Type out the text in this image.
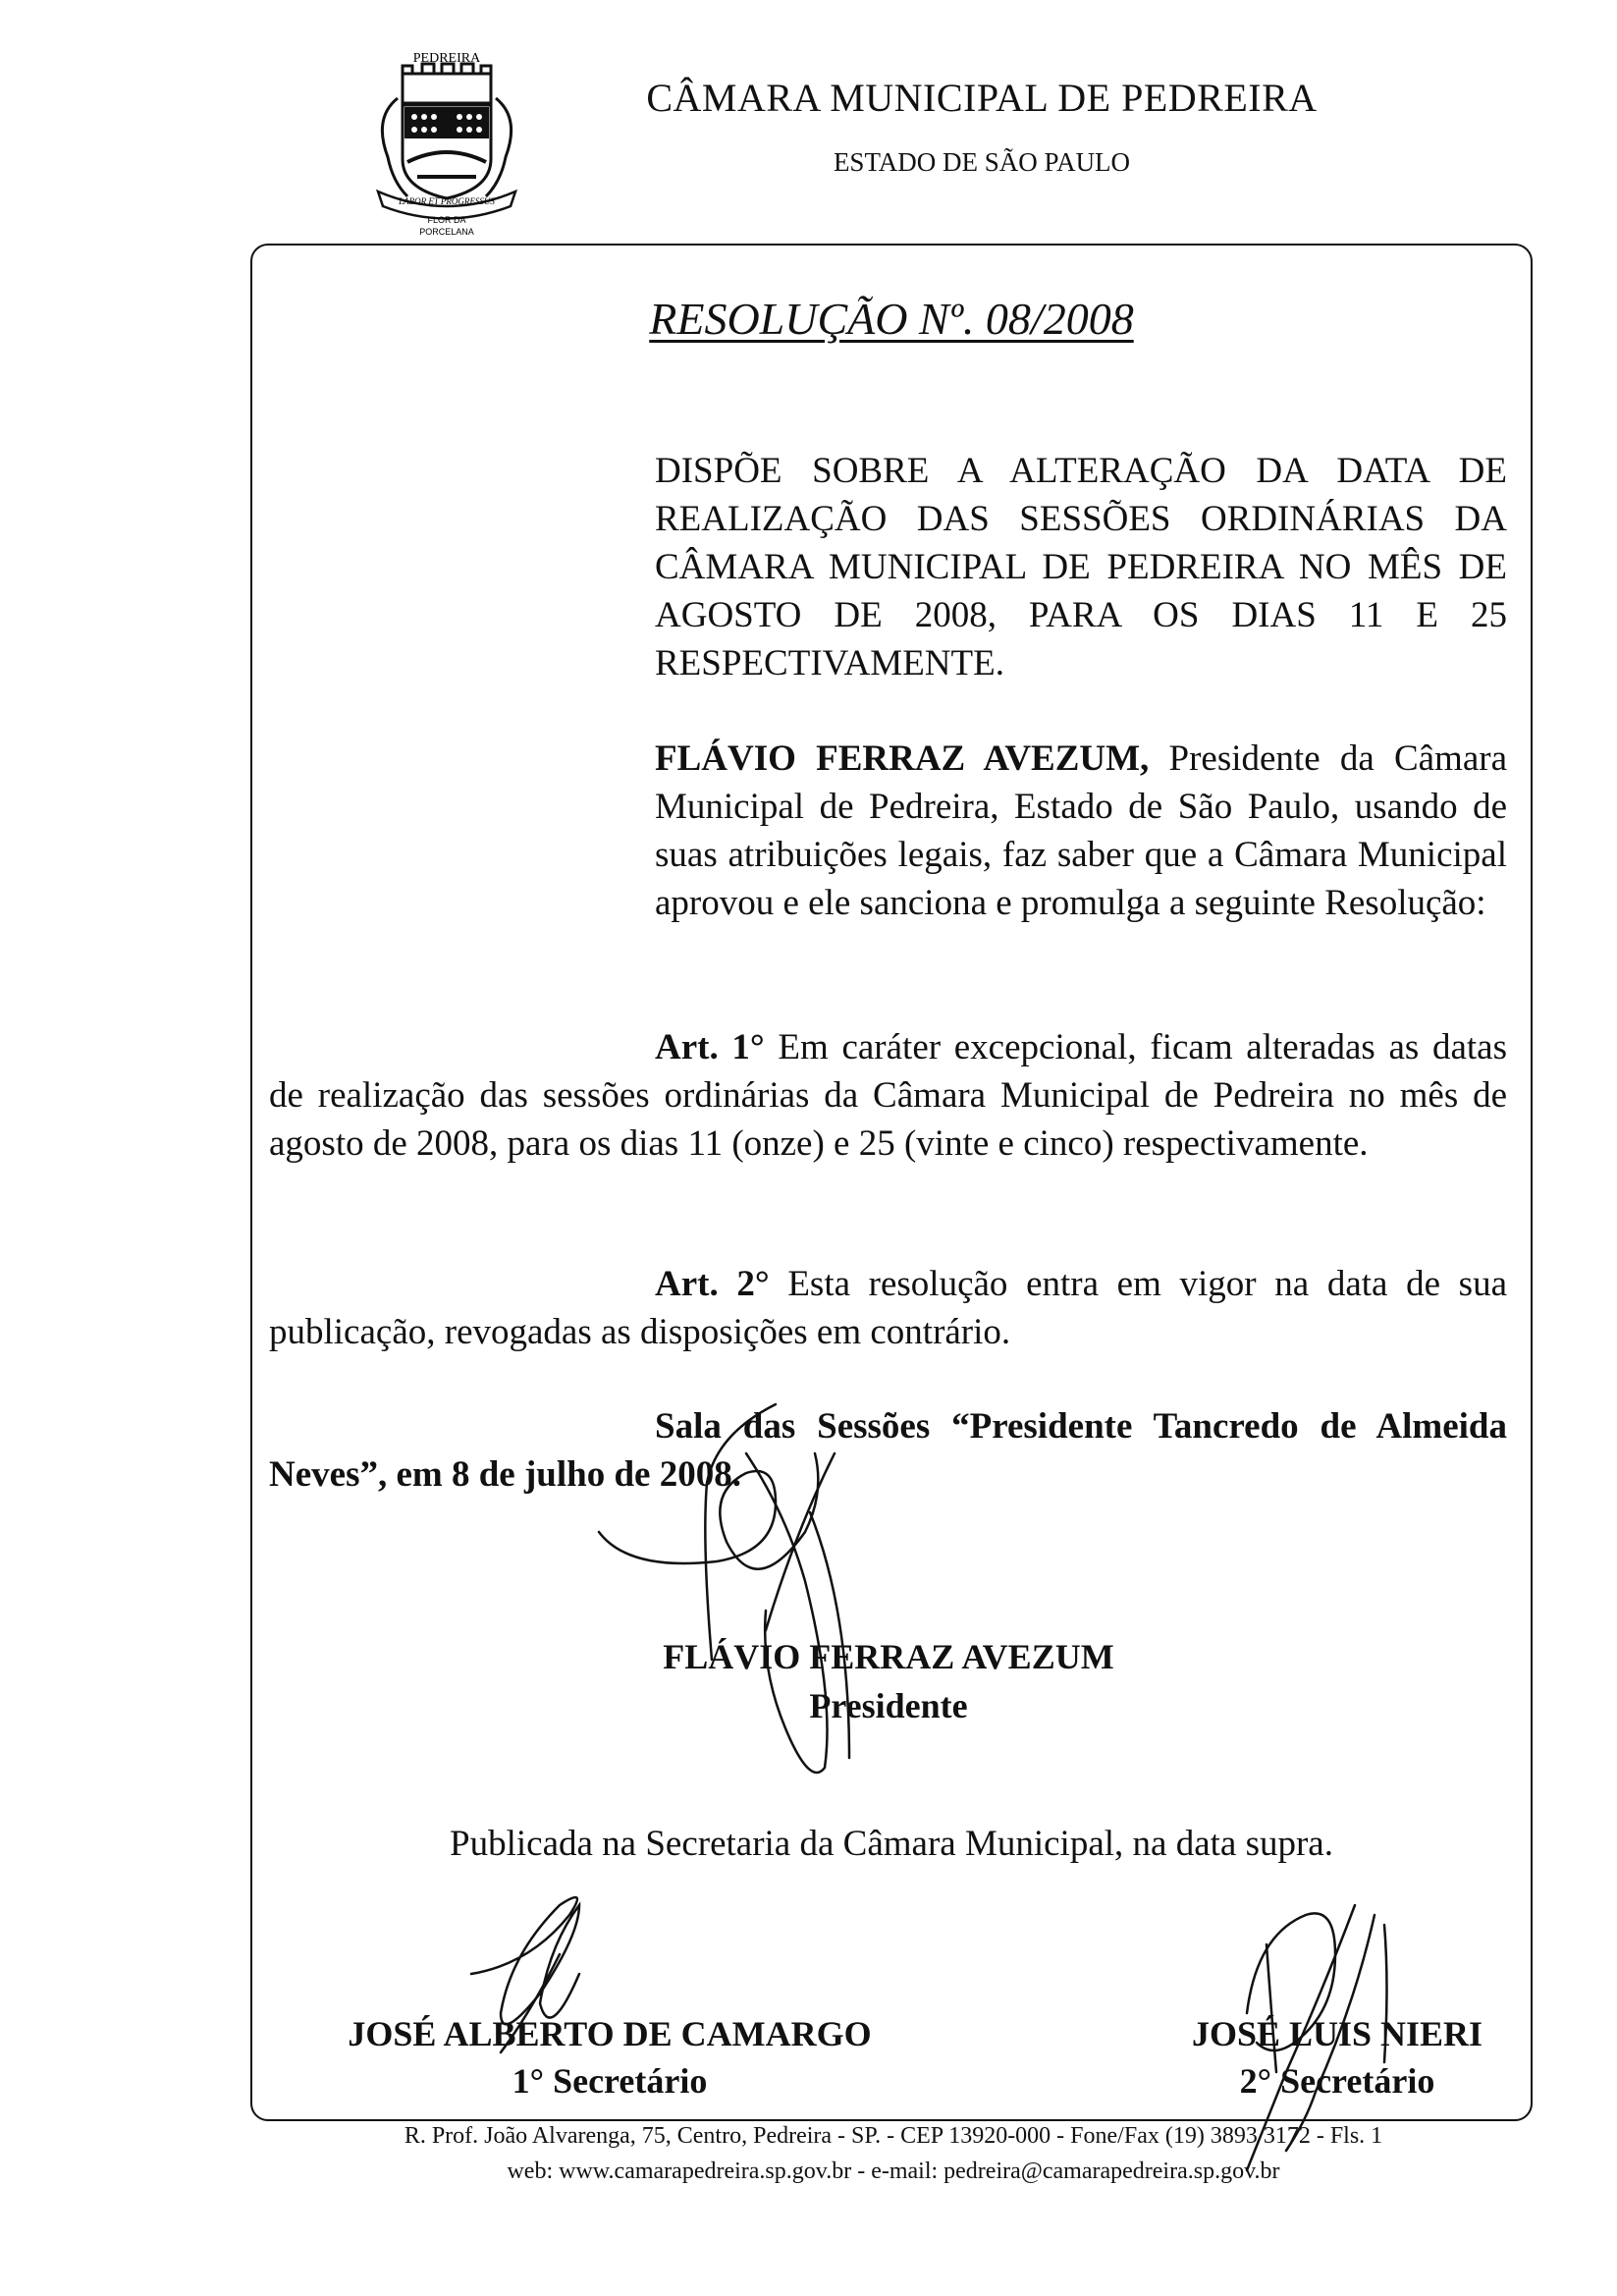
PEDREIRA
LABOR ET PROGRESSUS
FLOR DA
PORCELANA
CÂMARA MUNICIPAL DE PEDREIRA
ESTADO DE SÃO PAULO
RESOLUÇÃO Nº. 08/2008
DISPÕE SOBRE A ALTERAÇÃO DA DATA DE REALIZAÇÃO DAS SESSÕES ORDINÁRIAS DA CÂMARA MUNICIPAL DE PEDREIRA NO MÊS DE AGOSTO DE 2008, PARA OS DIAS 11 E 25 RESPECTIVAMENTE.
FLÁVIO FERRAZ AVEZUM, Presidente da Câmara Municipal de Pedreira, Estado de São Paulo, usando de suas atribuições legais, faz saber que a Câmara Municipal aprovou e ele sanciona e promulga a seguinte Resolução:
Art. 1° Em caráter excepcional, ficam alteradas as datas de realização das sessões ordinárias da Câmara Municipal de Pedreira no mês de agosto de 2008, para os dias 11 (onze) e 25 (vinte e cinco) respectivamente.
Art. 2° Esta resolução entra em vigor na data de sua publicação, revogadas as disposições em contrário.
Sala das Sessões “Presidente Tancredo de Almeida Neves”, em 8 de julho de 2008.
FLÁVIO FERRAZ AVEZUM
Presidente
Publicada na Secretaria da Câmara Municipal, na data supra.
JOSÉ ALBERTO DE CAMARGO
1° Secretário
JOSÉ LUIS NIERI
2° Secretário
R. Prof. João Alvarenga, 75, Centro, Pedreira - SP. - CEP 13920-000 - Fone/Fax (19) 3893 3172 - Fls. 1
web: www.camarapedreira.sp.gov.br - e-mail: pedreira@camarapedreira.sp.gov.br
